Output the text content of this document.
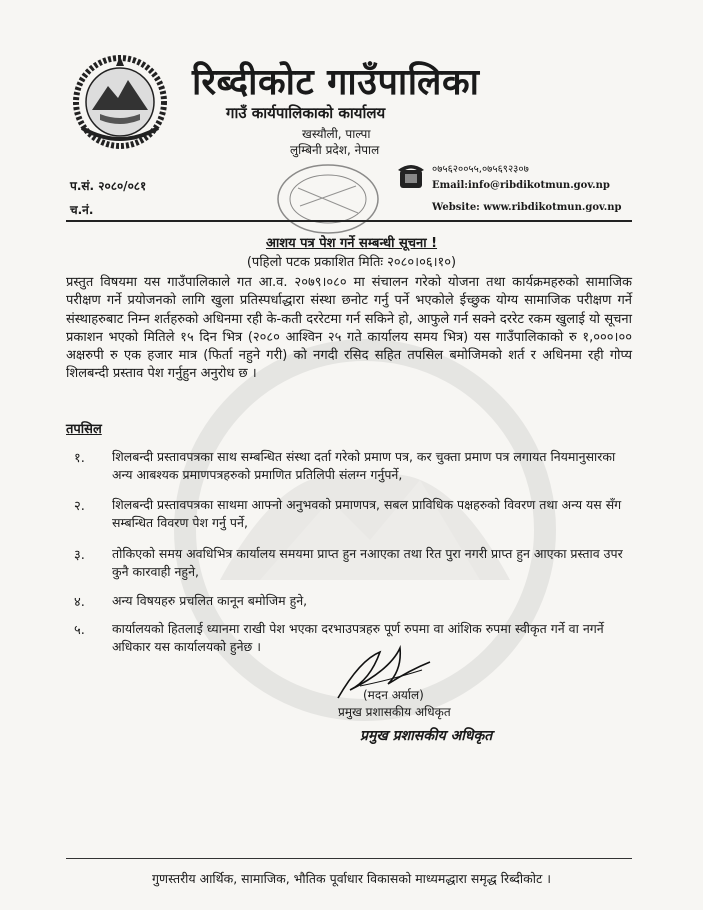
रिब्दीकोट गाउँपालिका
गाउँ कार्यपालिकाको कार्यालय
खस्यौली, पाल्पा
लुम्बिनी प्रदेश, नेपाल
०७५६२००५५,०७५६९२३०७
Email:info@ribdikotmun.gov.np
Website: www.ribdikotmun.gov.np
प.सं. २०८०/०८१
च.नं.
आशय पत्र पेश गर्ने सम्बन्धी सूचना !
(पहिलो पटक प्रकाशित मितिः २०८०।०६।१०)
प्रस्तुत विषयमा यस गाउँपालिकाले गत आ.व. २०७९।०८० मा संचालन गरेको योजना तथा कार्यक्रमहरुको सामाजिक परीक्षण गर्ने प्रयोजनको लागि खुला प्रतिस्पर्धाद्धारा संस्था छनोट गर्नु पर्ने भएकोले ईच्छुक योग्य सामाजिक परीक्षण गर्ने संस्थाहरुबाट निम्न शर्तहरुको अधिनमा रही के-कती दररेटमा गर्न सकिने हो, आफुले गर्न सक्ने दररेट रकम खुलाई यो सूचना प्रकाशन भएको मितिले १५ दिन भित्र (२०८० आश्विन २५ गते कार्यालय समय भित्र) यस गाउँपालिकाको रु १,०००।०० अक्षरुपी रु एक हजार मात्र (फिर्ता नहुने गरी) को नगदी रसिद सहित तपसिल बमोजिमको शर्त र अधिनमा रही गोप्य शिलबन्दी प्रस्ताव पेश गर्नुहुन अनुरोध छ ।
तपसिल
१. शिलबन्दी प्रस्तावपत्रका साथ सम्बन्धित संस्था दर्ता गरेको प्रमाण पत्र, कर चुक्ता प्रमाण पत्र लगायत नियमानुसारका अन्य आबश्यक प्रमाणपत्रहरुको प्रमाणित प्रतिलिपी संलग्न गर्नुपर्ने,
२. शिलबन्दी प्रस्तावपत्रका साथमा आफ्नो अनुभवको प्रमाणपत्र, सबल प्राविधिक पक्षहरुको विवरण तथा अन्य यस सँग सम्बन्धित विवरण पेश गर्नु पर्ने,
३. तोकिएको समय अवधिभित्र कार्यालय समयमा प्राप्त हुन नआएका तथा रित पुरा नगरी प्राप्त हुन आएका प्रस्ताव उपर कुनै कारवाही नहुने,
४. अन्य विषयहरु प्रचलित कानून बमोजिम हुने,
५. कार्यालयको हितलाई ध्यानमा राखी पेश भएका दरभाउपत्रहरु पूर्ण रुपमा वा आंशिक रुपमा स्वीकृत गर्ने वा नगर्ने अधिकार यस कार्यालयको हुनेछ ।
(मदन अर्याल)
प्रमुख प्रशासकीय अधिकृत
प्रमुख प्रशासकीय अधिकृत
गुणस्तरीय आर्थिक, सामाजिक, भौतिक पूर्वाधार विकासको माध्यमद्धारा समृद्ध रिब्दीकोट ।
